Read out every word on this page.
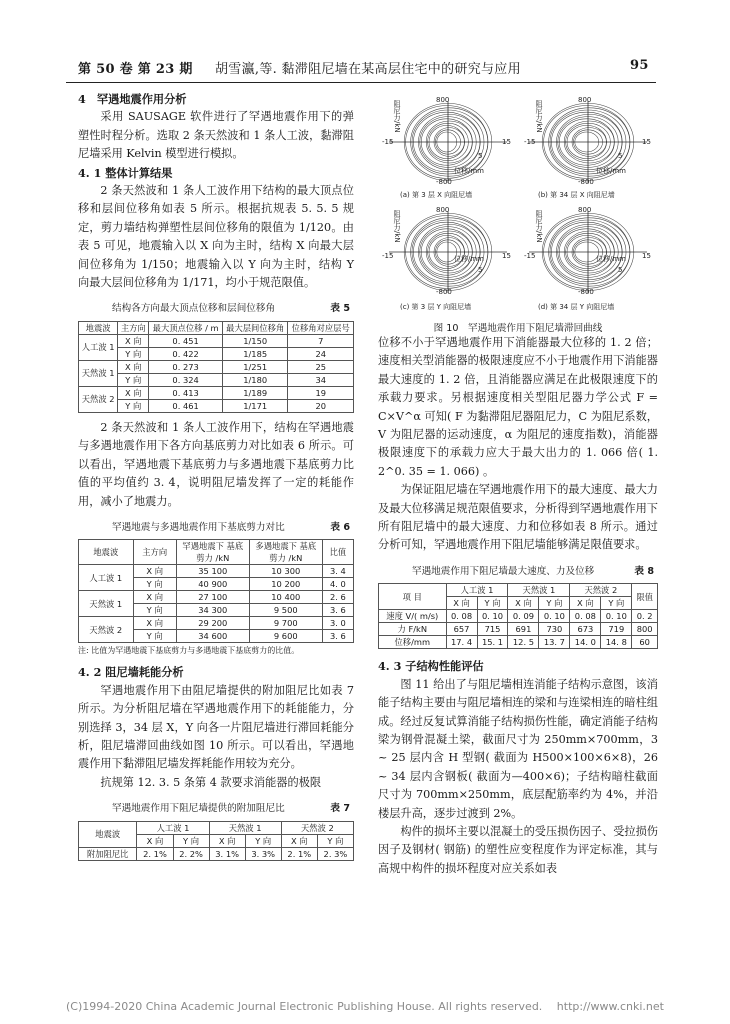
第 50 卷 第 23 期 胡雪瀛,等. 黏滞阻尼墙在某高层住宅中的研究与应用	95

4　罕遇地震作用分析

采用 SAUSAGE 软件进行了罕遇地震作用下的弹塑性时程分析。选取 2 条天然波和 1 条人工波，黏滞阻尼墙采用 Kelvin 模型进行模拟。

4. 1 整体计算结果

2 条天然波和 1 条人工波作用下结构的最大顶点位移和层间位移角如表 5 所示。根据抗规表 5. 5. 5 规定，剪力墙结构弹塑性层间位移角的限值为 1/120。由表 5 可见，地震输入以 X 向为主时，结构 X 向最大层间位移角为 1/150；地震输入以 Y 向为主时，结构 Y 向最大层间位移角为 1/171，均小于规范限值。

结构各方向最大顶点位移和层间位移角	表 5
地震波	主方向	最大顶点位移 / m	最大层间位移角	位移角对应层号
人工波 1	X 向	0. 451	1/150	7
	Y 向	0. 422	1/185	24
天然波 1	X 向	0. 273	1/251	25
	Y 向	0. 324	1/180	34
天然波 2	X 向	0. 413	1/189	19
	Y 向	0. 461	1/171	20

2 条天然波和 1 条人工波作用下，结构在罕遇地震与多遇地震作用下各方向基底剪力对比如表 6 所示。可以看出，罕遇地震下基底剪力与多遇地震下基底剪力比值的平均值约 3. 4，说明阻尼墙发挥了一定的耗能作用，减小了地震力。

罕遇地震与多遇地震作用下基底剪力对比	表 6
地震波	主方向	罕遇地震下 基底剪力 /kN	多遇地震下 基底剪力 /kN	比值
人工波 1	X 向	35 100	10 300	3. 4
	Y 向	40 900	10 200	4. 0
天然波 1	X 向	27 100	10 400	2. 6
	Y 向	34 300	9 500	3. 6
天然波 2	X 向	29 200	9 700	3. 0
	Y 向	34 600	9 600	3. 6
注: 比值为罕遇地震下基底剪力与多遇地震下基底剪力的比值。

4. 2 阻尼墙耗能分析

罕遇地震作用下由阻尼墙提供的附加阻尼比如表 7 所示。为分析阻尼墙在罕遇地震作用下的耗能能力，分别选择 3，34 层 X，Y 向各一片阻尼墙进行滞回耗能分析，阻尼墙滞回曲线如图 10 所示。可以看出，罕遇地震作用下黏滞阻尼墙发挥耗能作用较为充分。

抗规第 12. 3. 5 条第 4 款要求消能器的极限

罕遇地震作用下阻尼墙提供的附加阻尼比	表 7
地震波	人工波 1		天然波 1		天然波 2	
	X 向	Y 向	X 向	Y 向	X 向	Y 向
附加阻尼比	2. 1%	2. 2%	3. 1%	3. 3%	2. 1%	2. 3%
800
-15	15
5
位移/mm
-800
阻尼力/kN
(a) 第 3 层 X 向阻尼墙
800
-15	15
5
位移/mm
-800
阻尼力/kN
(b) 第 34 层 X 向阻尼墙
800
-15	15
5
位移/mm
-800
阻尼力/kN
(c) 第 3 层 Y 向阻尼墙
800
-15	15
5
位移/mm
-800
阻尼力/kN
(d) 第 34 层 Y 向阻尼墙
图 10　罕遇地震作用下阻尼墙滞回曲线

位移不小于罕遇地震作用下消能器最大位移的 1. 2 倍；速度相关型消能器的极限速度应不小于地震作用下消能器最大速度的 1. 2 倍，且消能器应满足在此极限速度下的承载力要求。另根据速度相关型阻尼器力学公式 F = C×V^α 可知( F 为黏滞阻尼器阻尼力，C 为阻尼系数，V 为阻尼器的运动速度，α 为阻尼的速度指数)，消能器极限速度下的承载力应大于最大出力的 1. 066 倍( 1. 2^0. 35 = 1. 066) 。

为保证阻尼墙在罕遇地震作用下的最大速度、最大力及最大位移满足规范限值要求，分析得到罕遇地震作用下所有阻尼墙中的最大速度、力和位移如表 8 所示。通过分析可知，罕遇地震作用下阻尼墙能够满足限值要求。

罕遇地震作用下阻尼墙最大速度、力及位移	表 8
项 目	人工波 1		天然波 1		天然波 2		限值
	X 向	Y 向	X 向	Y 向	X 向	Y 向	
速度 V/( m/s)	0. 08	0. 10	0. 09	0. 10	0. 08	0. 10	0. 2
力 F/kN	657	715	691	730	673	719	800
位移/mm	17. 4	15. 1	12. 5	13. 7	14. 0	14. 8	60

4. 3 子结构性能评估

图 11 给出了与阻尼墙相连消能子结构示意图，该消能子结构主要由与阻尼墙相连的梁和与连梁相连的暗柱组成。经过反复试算消能子结构损伤性能，确定消能子结构梁为钢骨混凝土梁，截面尺寸为 250mm×700mm，3 ~ 25 层内含 H 型钢( 截面为 H500×100×6×8)，26 ~ 34 层内含钢板( 截面为—400×6)；子结构暗柱截面尺寸为 700mm×250mm，底层配筋率约为 4%，并沿楼层升高，逐步过渡到 2%。

构件的损坏主要以混凝土的受压损伤因子、受拉损伤因子及钢材( 钢筋) 的塑性应变程度作为评定标准，其与高规中构件的损坏程度对应关系如表

(C)1994-2020 China Academic Journal Electronic Publishing House. All rights reserved.　 http://www.cnki.net
